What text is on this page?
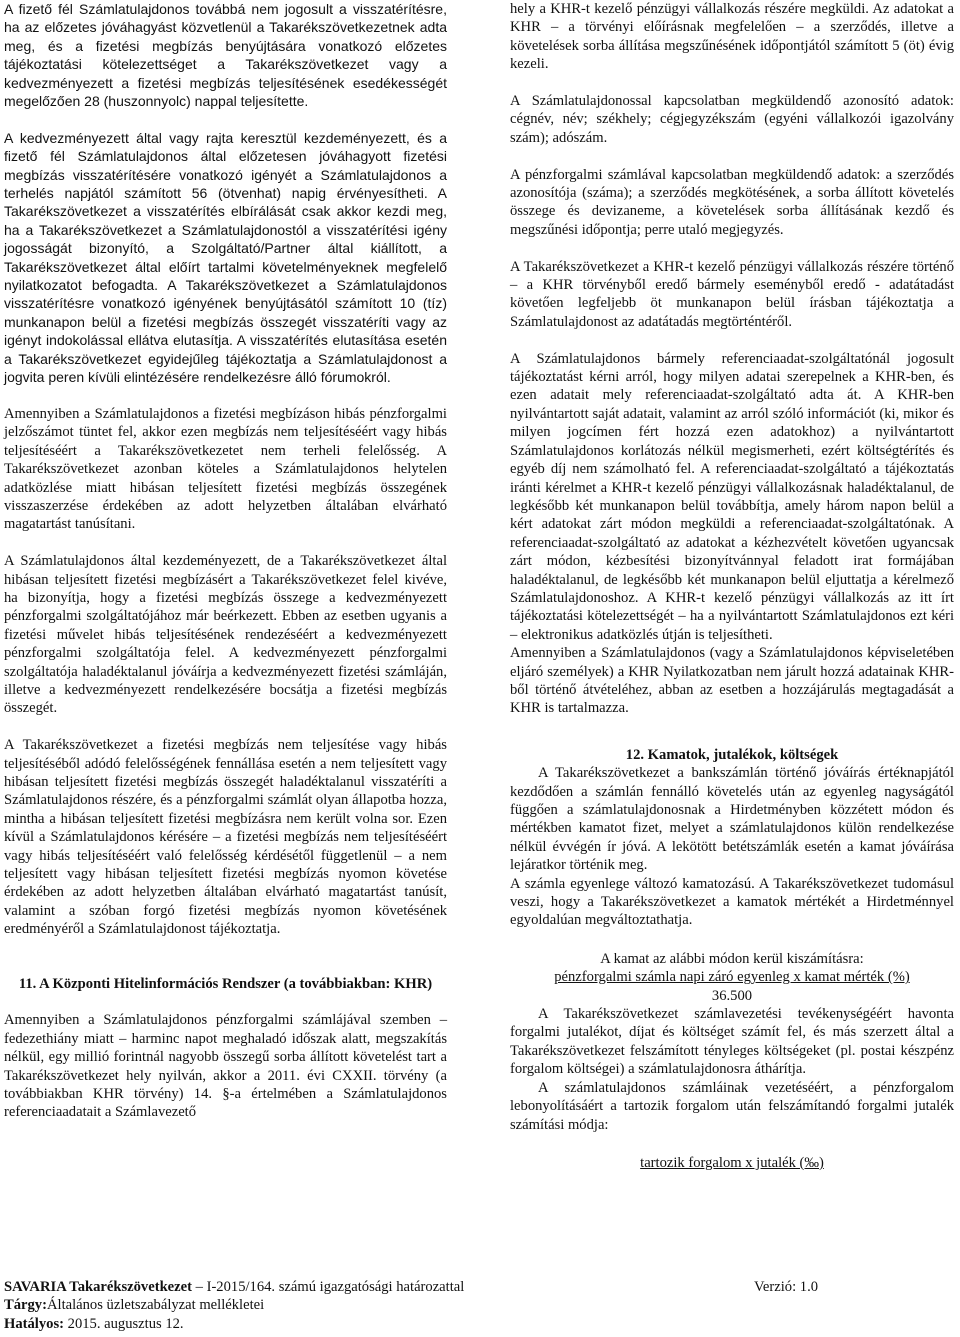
A fizető fél Számlatulajdonos továbbá nem jogosult a visszatérítésre, ha az előzetes jóváhagyást közvetlenül a Takarékszövetkezetnek adta meg, és a fizetési megbízás benyújtására vonatkozó előzetes tájékoztatási kötelezettséget a Takarékszövetkezet vagy a kedvezményezett a fizetési megbízás teljesítésének esedékességét megelőzően 28 (huszonnyolc) nappal teljesítette.

A kedvezményezett által vagy rajta keresztül kezdeményezett, és a fizető fél Számlatulajdonos által előzetesen jóváhagyott fizetési megbízás visszatérítésére vonatkozó igényét a Számlatulajdonos a terhelés napjától számított 56 (ötvenhat) napig érvényesítheti. A Takarékszövetkezet a visszatérítés elbírálását csak akkor kezdi meg, ha a Takarékszövetkezet a Számlatulajdonostól a visszatérítési igény jogosságát bizonyító, a Szolgáltató/Partner által kiállított, a Takarékszövetkezet által előírt tartalmi követelményeknek megfelelő nyilatkozatot befogadta. A Takarékszövetkezet a Számlatulajdonos visszatérítésre vonatkozó igényének benyújtásától számított 10 (tíz) munkanapon belül a fizetési megbízás összegét visszatéríti vagy az igényt indokolással ellátva elutasítja. A visszatérítés elutasítása esetén a Takarékszövetkezet egyidejűleg tájékoztatja a Számlatulajdonost a jogvita peren kívüli elintézésére rendelkezésre álló fórumokról.

Amennyiben a Számlatulajdonos a fizetési megbízáson hibás pénzforgalmi jelzőszámot tüntet fel, akkor ezen megbízás nem teljesítéséért vagy hibás teljesítéséért a Takarékszövetkezetet nem terheli felelősség. A Takarékszövetkezet azonban köteles a Számlatulajdonos helytelen adatközlése miatt hibásan teljesített fizetési megbízás összegének visszaszerzése érdekében az adott helyzetben általában elvárható magatartást tanúsítani.

A Számlatulajdonos által kezdeményezett, de a Takarékszövetkezet által hibásan teljesített fizetési megbízásért a Takarékszövetkezet felel kivéve, ha bizonyítja, hogy a fizetési megbízás összege a kedvezményezett pénzforgalmi szolgáltatójához már beérkezett. Ebben az esetben ugyanis a fizetési művelet hibás teljesítésének rendezéséért a kedvezményezett pénzforgalmi szolgáltatója felel. A kedvezményezett pénzforgalmi szolgáltatója haladéktalanul jóváírja a kedvezményezett fizetési számláján, illetve a kedvezményezett rendelkezésére bocsátja a fizetési megbízás összegét.

A Takarékszövetkezet a fizetési megbízás nem teljesítése vagy hibás teljesítéséből adódó felelősségének fennállása esetén a nem teljesített vagy hibásan teljesített fizetési megbízás összegét haladéktalanul visszatéríti a Számlatulajdonos részére, és a pénzforgalmi számlát olyan állapotba hozza, mintha a hibásan teljesített fizetési megbízásra nem került volna sor. Ezen kívül a Számlatulajdonos kérésére – a fizetési megbízás nem teljesítéséért vagy hibás teljesítéséért való felelősség kérdésétől függetlenül – a nem teljesített vagy hibásan teljesített fizetési megbízás nyomon követése érdekében az adott helyzetben általában elvárható magatartást tanúsít, valamint a szóban forgó fizetési megbízás nyomon követésének eredményéről a Számlatulajdonost tájékoztatja.

11. A Központi Hitelinformációs Rendszer (a továbbiakban: KHR)

Amennyiben a Számlatulajdonos pénzforgalmi számlájával szemben – fedezethiány miatt – harminc napot meghaladó időszak alatt, megszakítás nélkül, egy millió forintnál nagyobb összegű sorba állított követelést tart a Takarékszövetkezet hely nyilván, akkor a 2011. évi CXXII. törvény (a továbbiakban KHR törvény) 14. §-a értelmében a Számlatulajdonos referenciaadatait a Számlavezető

hely a KHR-t kezelő pénzügyi vállalkozás részére megküldi. Az adatokat a KHR – a törvényi előírásnak megfelelően – a szerződés, illetve a követelések sorba állítása megszűnésének időpontjától számított 5 (öt) évig kezeli.

A Számlatulajdonossal kapcsolatban megküldendő azonosító adatok: cégnév, név; székhely; cégjegyzékszám (egyéni vállalkozói igazolvány szám); adószám.

A pénzforgalmi számlával kapcsolatban megküldendő adatok: a szerződés azonosítója (száma); a szerződés megkötésének, a sorba állított követelés összege és devizaneme, a követelések sorba állításának kezdő és megszűnési időpontja; perre utaló megjegyzés.

A Takarékszövetkezet a KHR-t kezelő pénzügyi vállalkozás részére történő – a KHR törvényből eredő bármely eseményből eredő - adatátadást követően legfeljebb öt munkanapon belül írásban tájékoztatja a Számlatulajdonost az adatátadás megtörténtéről.

A Számlatulajdonos bármely referenciaadat-szolgáltatónál jogosult tájékoztatást kérni arról, hogy milyen adatai szerepelnek a KHR-ben, és ezen adatait mely referenciaadat-szolgáltató adta át. A KHR-ben nyilvántartott saját adatait, valamint az arról szóló információt (ki, mikor és milyen jogcímen fért hozzá ezen adatokhoz) a nyilvántartott Számlatulajdonos korlátozás nélkül megismerheti, ezért költségtérítés és egyéb díj nem számolható fel. A referenciaadat-szolgáltató a tájékoztatás iránti kérelmet a KHR-t kezelő pénzügyi vállalkozásnak haladéktalanul, de legkésőbb két munkanapon belül továbbítja, amely három napon belül a kért adatokat zárt módon megküldi a referenciaadat-szolgáltatónak. A referenciaadat-szolgáltató az adatokat a kézhezvételt követően ugyancsak zárt módon, kézbesítési bizonyítvánnyal feladott irat formájában haladéktalanul, de legkésőbb két munkanapon belül eljuttatja a kérelmező Számlatulajdonoshoz. A KHR-t kezelő pénzügyi vállalkozás az itt írt tájékoztatási kötelezettségét – ha a nyilvántartott Számlatulajdonos ezt kéri – elektronikus adatközlés útján is teljesítheti.

Amennyiben a Számlatulajdonos (vagy a Számlatulajdonos képviseletében eljáró személyek) a KHR Nyilatkozatban nem járult hozzá adatainak KHR-ből történő átvételéhez, abban az esetben a hozzájárulás megtagadását a KHR is tartalmazza.

12. Kamatok, jutalékok, költségek

A Takarékszövetkezet a bankszámlán történő jóváírás értéknapjától kezdődően a számlán fennálló követelés után az egyenleg nagyságától függően a számlatulajdonosnak a Hirdetményben közzétett módon és mértékben kamatot fizet, melyet a számlatulajdonos külön rendelkezése nélkül évvégén ír jóvá. A lekötött betétszámlák esetén a kamat jóváírása lejáratkor történik meg.

A számla egyenlege változó kamatozású. A Takarékszövetkezet tudomásul veszi, hogy a Takarékszövetkezet a kamatok mértékét a Hirdetménnyel egyoldalúan megváltoztathatja.

A kamat az alábbi módon kerül kiszámításra:
pénzforgalmi számla napi záró egyenleg x kamat mérték (%)
36.500

A Takarékszövetkezet számlavezetési tevékenységéért havonta forgalmi jutalékot, díjat és költséget számít fel, és más szerzett által a Takarékszövetkezet felszámított tényleges költségeket (pl. postai készpénz forgalom költségei) a számlatulajdonosra áthárítja.

A számlatulajdonos számláinak vezetéséért, a pénzforgalom lebonyolításáért a tartozik forgalom után felszámítandó forgalmi jutalék számítási módja:

tartozik forgalom x jutalék (‰)
SAVARIA Takarékszövetkezet – I-2015/164. számú igazgatósági határozattal	Verzió: 1.0
Tárgy:Általános üzletszabályzat mellékletei
Hatályos: 2015. augusztus 12.
